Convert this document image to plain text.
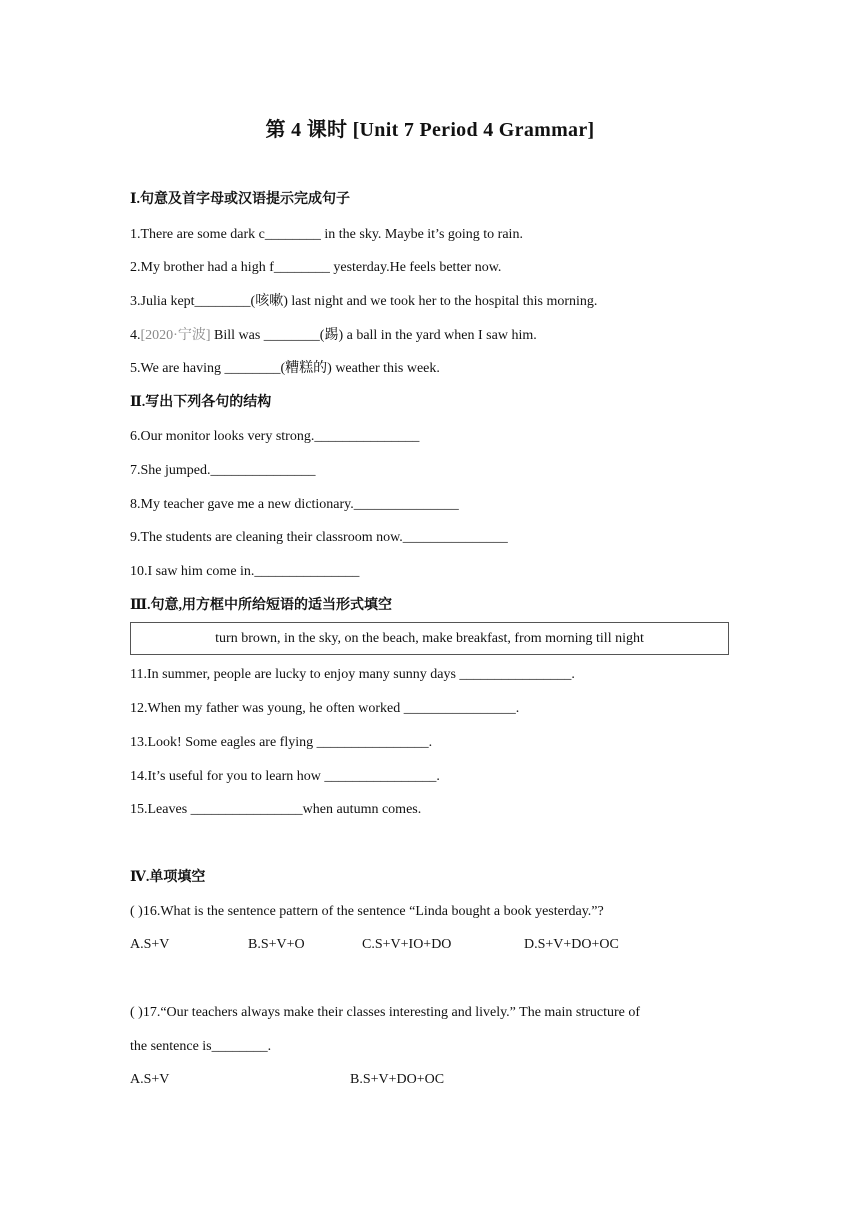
第 4 课时 [Unit 7 Period 4 Grammar]
Ⅰ.句意及首字母或汉语提示完成句子
1.There are some dark c________ in the sky. Maybe it’s going to rain.
2.My brother had a high f________ yesterday.He feels better now.
3.Julia kept________(咳嗽) last night and we took her to the hospital this morning.
4.[2020·宁波] Bill was ________(踢) a ball in the yard when I saw him.
5.We are having ________(糟糕的) weather this week.
Ⅱ.写出下列各句的结构
6.Our monitor looks very strong._______________
7.She jumped._______________
8.My teacher gave me a new dictionary._______________
9.The students are cleaning their classroom now._______________
10.I saw him come in._______________
Ⅲ.句意,用方框中所给短语的适当形式填空
turn brown, in the sky, on the beach, make breakfast, from morning till night
11.In summer, people are lucky to enjoy many sunny days ________________.
12.When my father was young, he often worked ________________.
13.Look! Some eagles are flying ________________.
14.It’s useful for you to learn how ________________.
15.Leaves ________________when autumn comes.
Ⅳ.单项填空
( )16.What is the sentence pattern of the sentence “Linda bought a book yesterday.”?
A.S+V	B.S+V+O	C.S+V+IO+DO	D.S+V+DO+OC
( )17.“Our teachers always make their classes interesting and lively.” The main structure of
the sentence is________.
A.S+V	B.S+V+DO+OC
